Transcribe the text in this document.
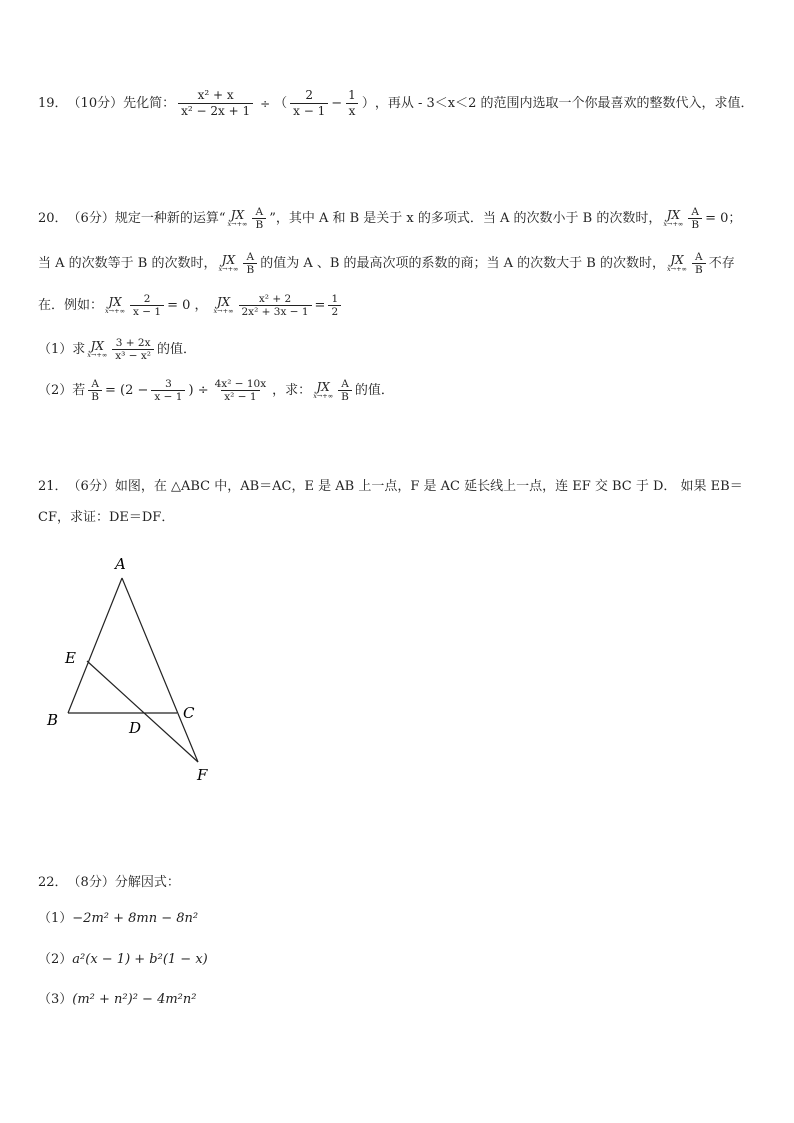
19． （10分） 先化简： $\frac{\text{x² + x}}{\text{x² − 2x + 1}}$ ÷ （ $\frac{2}{x - 1} - \frac{1}{x}$ ） ，再从 - 3＜x＜2 的范围内选取一个你最喜欢的整数代入，求值．
20． （6分） 规定一种新的运算“ JX
$x\to+\infty \frac{A}{B}$ ”，其中 A 和 B 是关于 x 的多项式．当 A 的次数小于 B 的次数时， JX
$x\to+\infty \frac{A}{B} = 0$；
当 A 的次数等于 B 的次数时， JX
$x\to+\infty \frac{A}{B}$ 的值为 A 、B 的最高次项的系数的商；当 A 的次数大于 B 的次数时， JX
$x\to+\infty \frac{A}{B}$ 不存
在．例如： JX
$x\to+\infty \frac{2}{x - 1} = 0$ ， JX
$x\to+\infty \frac{\text{x² + 2}}{\text{2x² + 3x − 1}} = \frac{1}{2}$
（1）求 JX
$x\to+\infty \frac{3 + 2x}{\text{x³ − x²}}$ 的值．
（2）若 $\frac{A}{B} = (2 - \frac{3}{x - 1}$ ) ÷ $\frac{\text{4x² − 10x}}{\text{x² − 1}}$ ，求： JX
$x\to+\infty \frac{A}{B}$ 的值．
21． （6分） 如图，在 △ABC 中，AB＝AC，E 是 AB 上一点，F 是 AC 延长线上一点，连 EF 交 BC 于 D． 如果 EB＝
CF，求证：DE＝DF．
A
E
B	C
D
F
22． （8分） 分解因式：
（1） −2m² + 8mn − 8n²
（2） a²(x − 1) + b²(1 − x)
（3） (m² + n²)² − 4m²n²
